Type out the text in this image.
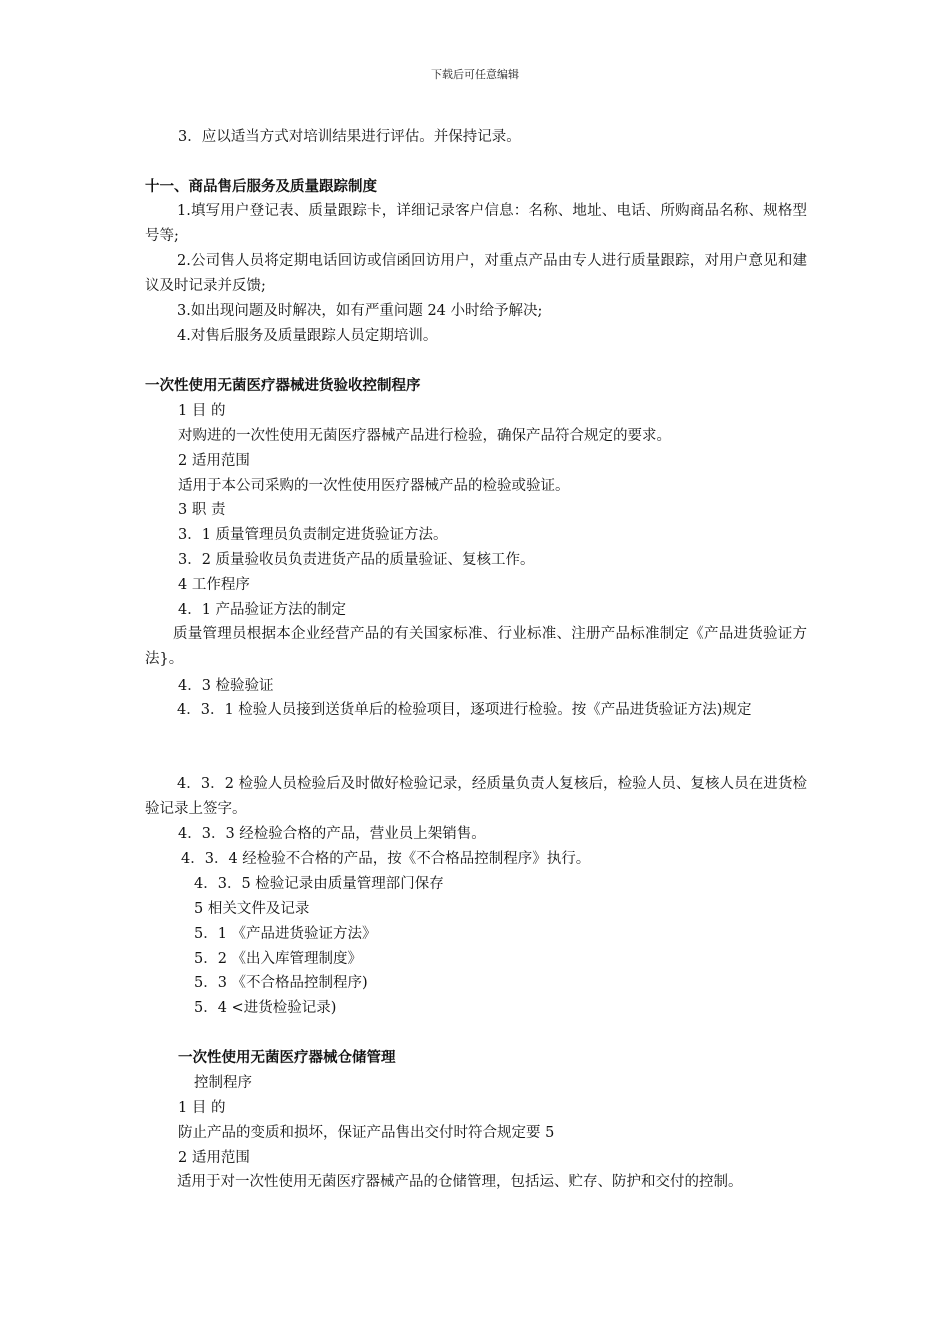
下载后可任意编辑
3．应以适当方式对培训结果进行评估。并保持记录。
十一、商品售后服务及质量跟踪制度
1.填写用户登记表、质量跟踪卡，详细记录客户信息：名称、地址、电话、所购商品名称、规格型号等;
2.公司售人员将定期电话回访或信函回访用户，对重点产品由专人进行质量跟踪，对用户意见和建议及时记录并反馈;
3.如出现问题及时解决，如有严重问题 24 小时给予解决;
4.对售后服务及质量跟踪人员定期培训。
一次性使用无菌医疗器械进货验收控制程序
1 目 的
对购进的一次性使用无菌医疗器械产品进行检验，确保产品符合规定的要求。
2 适用范围
适用于本公司采购的一次性使用医疗器械产品的检验或验证。
3 职 责
3．1 质量管理员负责制定进货验证方法。
3．2 质量验收员负责进货产品的质量验证、复核工作。
4 工作程序
4．1 产品验证方法的制定
质量管理员根据本企业经营产品的有关国家标准、行业标准、注册产品标准制定《产品进货验证方法}。
4．3 检验验证
4．3．1 检验人员接到送货单后的检验项目，逐项进行检验。按《产品进货验证方法)规定
4．3．2 检验人员检验后及时做好检验记录，经质量负责人复核后，检验人员、复核人员在进货检验记录上签字。
4．3．3 经检验合格的产品，营业员上架销售。
4．3．4 经检验不合格的产品，按《不合格品控制程序》执行。
4．3．5 检验记录由质量管理部门保存
5 相关文件及记录
5．1 《产品进货验证方法》
5．2 《出入库管理制度》
5．3 《不合格品控制程序)
5．4 <进货检验记录)
一次性使用无菌医疗器械仓储管理
控制程序
1 目 的
防止产品的变质和损坏，保证产品售出交付时符合规定要 5
2 适用范围
适用于对一次性使用无菌医疗器械产品的仓储管理，包括运、贮存、防护和交付的控制。
